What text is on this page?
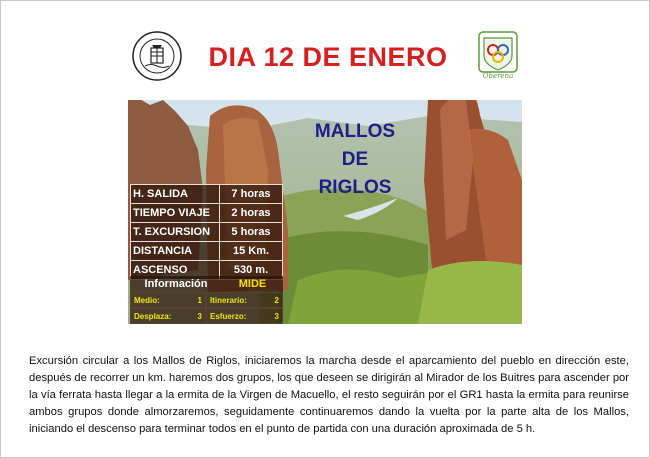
DIA 12 DE ENERO
Oberena
MALLOS
DE
RIGLOS
H. SALIDA	7 horas
TIEMPO VIAJE	2 horas
T. EXCURSION	5 horas
DISTANCIA	15 Km.
ASCENSO	530 m.
Información	MIDE
Medio:	1 Itinerario:	2
Desplaza:	3 Esfuerzo:	3

Excursión circular a los Mallos de Riglos, iniciaremos la marcha desde el aparcamiento del pueblo en dirección este, después de recorrer un km. haremos dos grupos, los que deseen se dirigirán al Mirador de los Buitres para ascender por la vía ferrata hasta llegar a la ermita de la Virgen de Macuello, el resto seguirán por el GR1 hasta la ermita para reunirse ambos grupos donde almorzaremos, seguidamente continuaremos dando la vuelta por la parte alta de los Mallos, iniciando el descenso para terminar todos en el punto de partida con una duración aproximada de 5 h.
